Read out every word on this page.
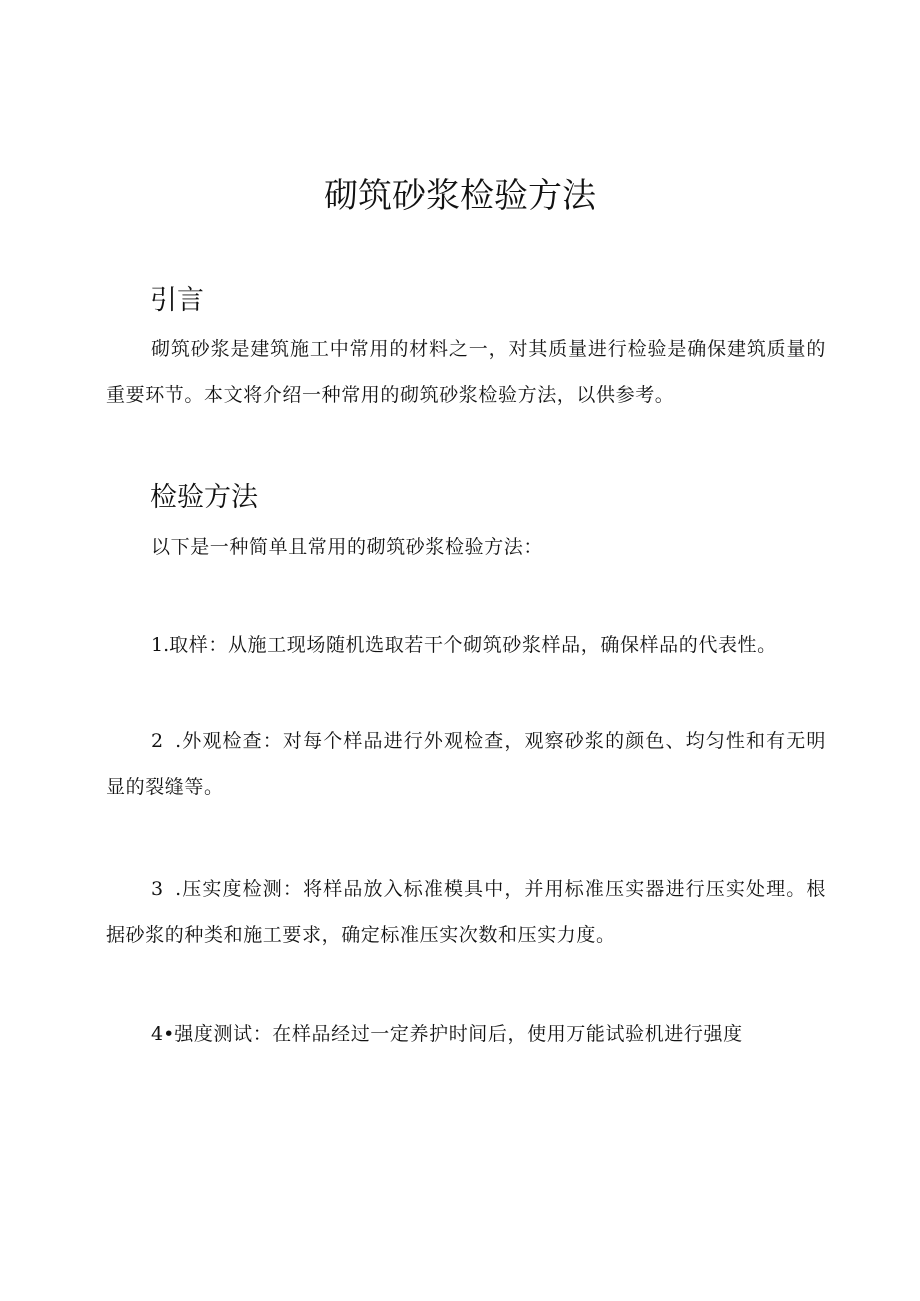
砌筑砂浆检验方法
引言

砌筑砂浆是建筑施工中常用的材料之一，对其质量进行检验是确保建筑质量的重要环节。本文将介绍一种常用的砌筑砂浆检验方法，以供参考。

检验方法

以下是一种简单且常用的砌筑砂浆检验方法：

1.取样：从施工现场随机选取若干个砌筑砂浆样品，确保样品的代表性。

2 .外观检查：对每个样品进行外观检查，观察砂浆的颜色、均匀性和有无明显的裂缝等。

3 .压实度检测：将样品放入标准模具中，并用标准压实器进行压实处理。根据砂浆的种类和施工要求，确定标准压实次数和压实力度。

4•强度测试：在样品经过一定养护时间后，使用万能试验机进行强度
